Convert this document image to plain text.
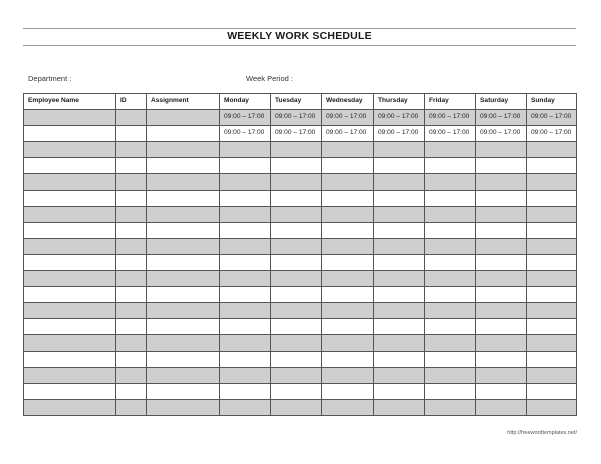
WEEKLY WORK SCHEDULE
Department :	Week Period :
Employee Name	ID	Assignment	Monday	Tuesday	Wednesday	Thursday	Friday	Saturday	Sunday
			09:00 – 17:00	09:00 – 17:00	09:00 – 17:00	09:00 – 17:00	09:00 – 17:00	09:00 – 17:00	09:00 – 17:00
			09:00 – 17:00	09:00 – 17:00	09:00 – 17:00	09:00 – 17:00	09:00 – 17:00	09:00 – 17:00	09:00 – 17:00

http://freewordtemplates.net/
